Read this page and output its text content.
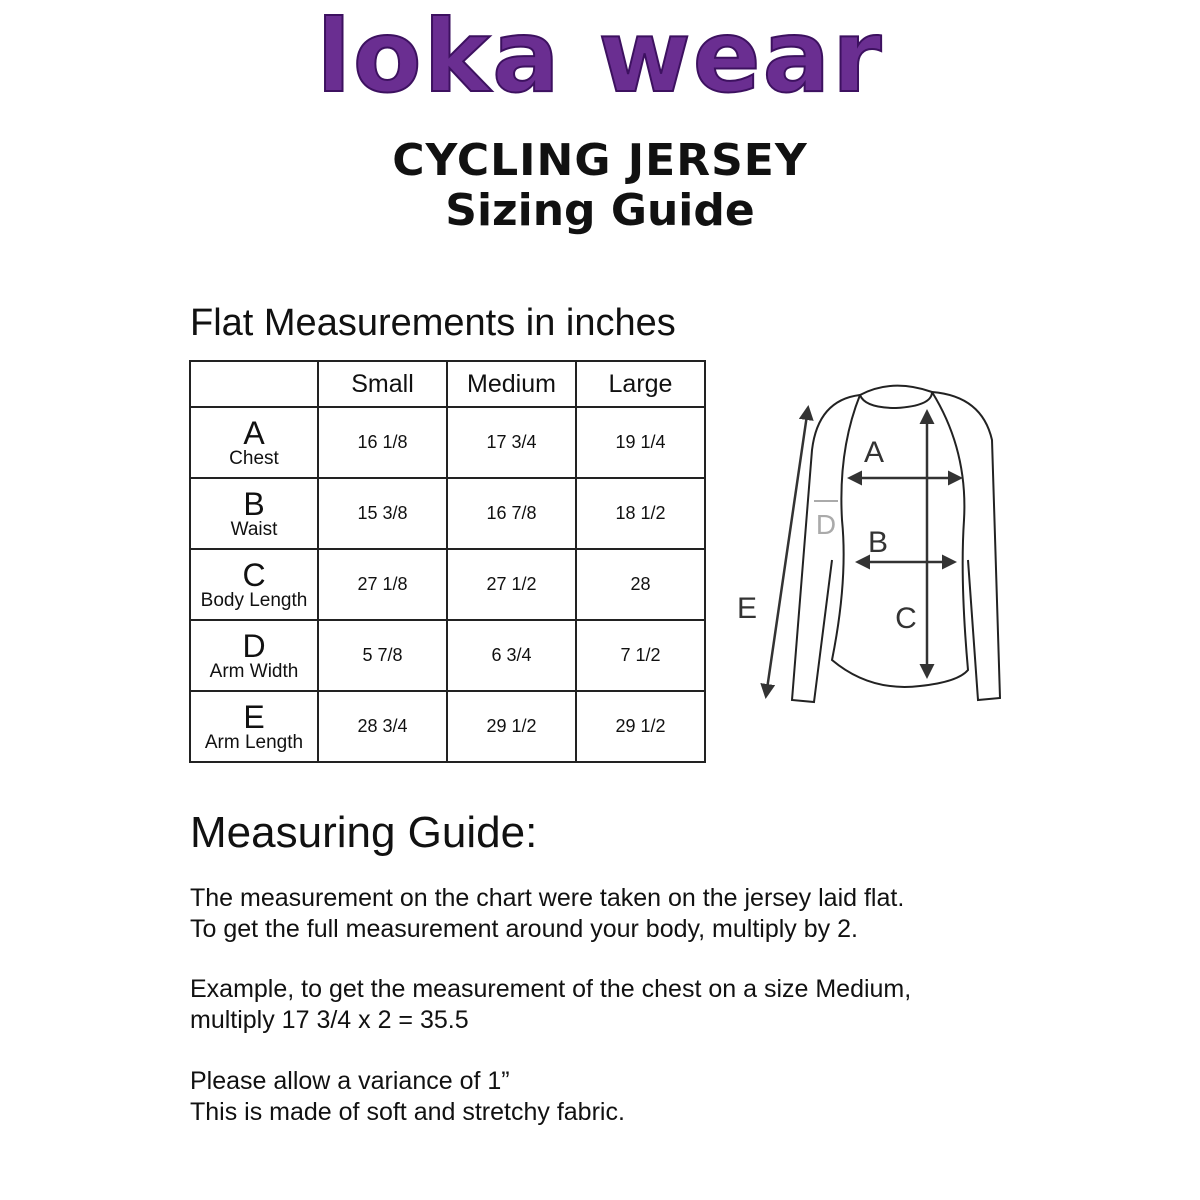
loka wear
CYCLING JERSEY
Sizing Guide
Flat Measurements in inches
	Small	Medium	Large

A
Chest	16 1/8	17 3/4	19 1/4

B
Waist	15 3/8	16 7/8	18 1/2

C
Body Length	27 1/8	27 1/2	28

D
Arm Width	5 7/8	6 3/4	7 1/2

E
Arm Length	28 3/4	29 1/2	29 1/2
A
B
C
D
E
Measuring Guide:

The measurement on the chart were taken on the jersey laid flat.

To get the full measurement around your body, multiply by 2.

Example, to get the measurement of the chest on a size Medium,

multiply 17 3/4 x 2 = 35.5

Please allow a variance of 1”

This is made of soft and stretchy fabric.
